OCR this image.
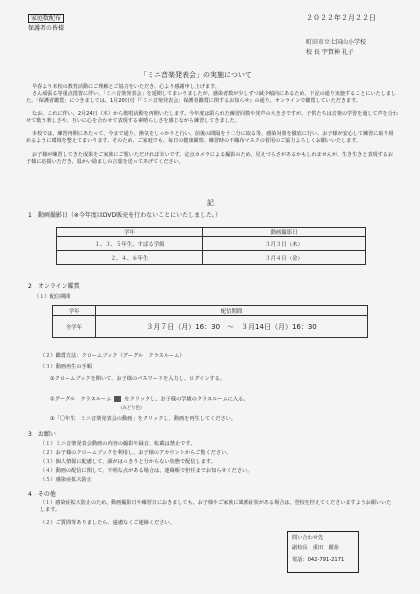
家庭数配布
保護者の皆様
２０２２年２月２２日
町田市立七国山小学校
校 長 宇賀神 礼子
「ミニ音楽発表会」の実施について
早春より本校の教育活動にご理解とご協力をいただき、心より感謝申し上げます。
さん頑張る等重点措置に伴い、「ミニ音楽発表会」を延期してまいりましたが、感染者数が少しずつ減少傾向にあるため、下記の通り実施することにいたしました。「保護者鑑賞」につきましては、1月20日付『「ミニ音楽発表会」保護者鑑賞に関するお知らせ』の通り、オンラインで鑑賞していただきます。
なお、これに伴い、2月24日（木）から歌唱活動を再開いたします。今年度は限られた練習回数や発声の大きさですが、子供たちは音楽の学習を通して声を合わせて歌う楽しさや、互いに心を合わせて表現する素晴らしさを感じながら練習してきました。
本校では、練習再開にあたって、今まで通り、換気をしっかりと行い、前後の間隔を十二分に取る等、感染対策を徹底に行い、お子様が安心して練習に取り組めるように環境を整えてまいります。そのため、ご家庭でも、毎日の健康観察、練習時の不織布マスクの着用のご協力よろしくお願いいたします。
お子様が練習してきた成果をご家族にご覧いただければ幸いです。定点カメラによる撮影のため、見えづらさがあるかもしれませんが、生き生きと表現するお子様に応援いただき、温かい励ましの言葉を送ってあげてください。
記
1　動画撮影日（※今年度はDVD販売を行わないことにいたしました。）
学年	動画撮影日
１、３、５年生、すばる学級	３月３日（木）
２、４、６年生	３月４日（金）
2　オンライン鑑賞
（１）配信期間
学年	配信期間
全学年	３月７日（月）16：30　～　３月14日（月）16：30
（２）鑑賞方法：クロームブック（グーグル　クラスルーム）
（３）動画再生の手順
①クロームブックを開いて、お子様のパスワードを入力し、ログインする。
②グーグル　クラスルーム	をクリックし、お子様の学級のクラスルームに入る。
（みどり色）
③「〇年生　ミニ音楽発表会の動画」をクリックし、動画を再生してください。
3　お願い
（１）ミニ音楽発表会動画の内容の撮影や録音、転載は禁止です。
（２）お子様のクロームブックを利用し、お子様のアカウントからご覧ください。
（３）個人情報に配慮して、顔がはっきりと分からない状態で配信します。
（４）動画の配信に関して、不明な点がある場合は、連絡帳で担任までお知らせください。
（５）感染症拡大防止
4　その他
（１）感染症拡大防止のため、動画撮影日や練習日におきましても、お子様やご家族に風邪症状がある場合は、登校を控えてくださいますようお願いいたします。
（２）ご質問等ありましたら、遠慮なくご連絡ください。
問い合わせ先
副校長　重田　麗弥
電話：042-791-2171
